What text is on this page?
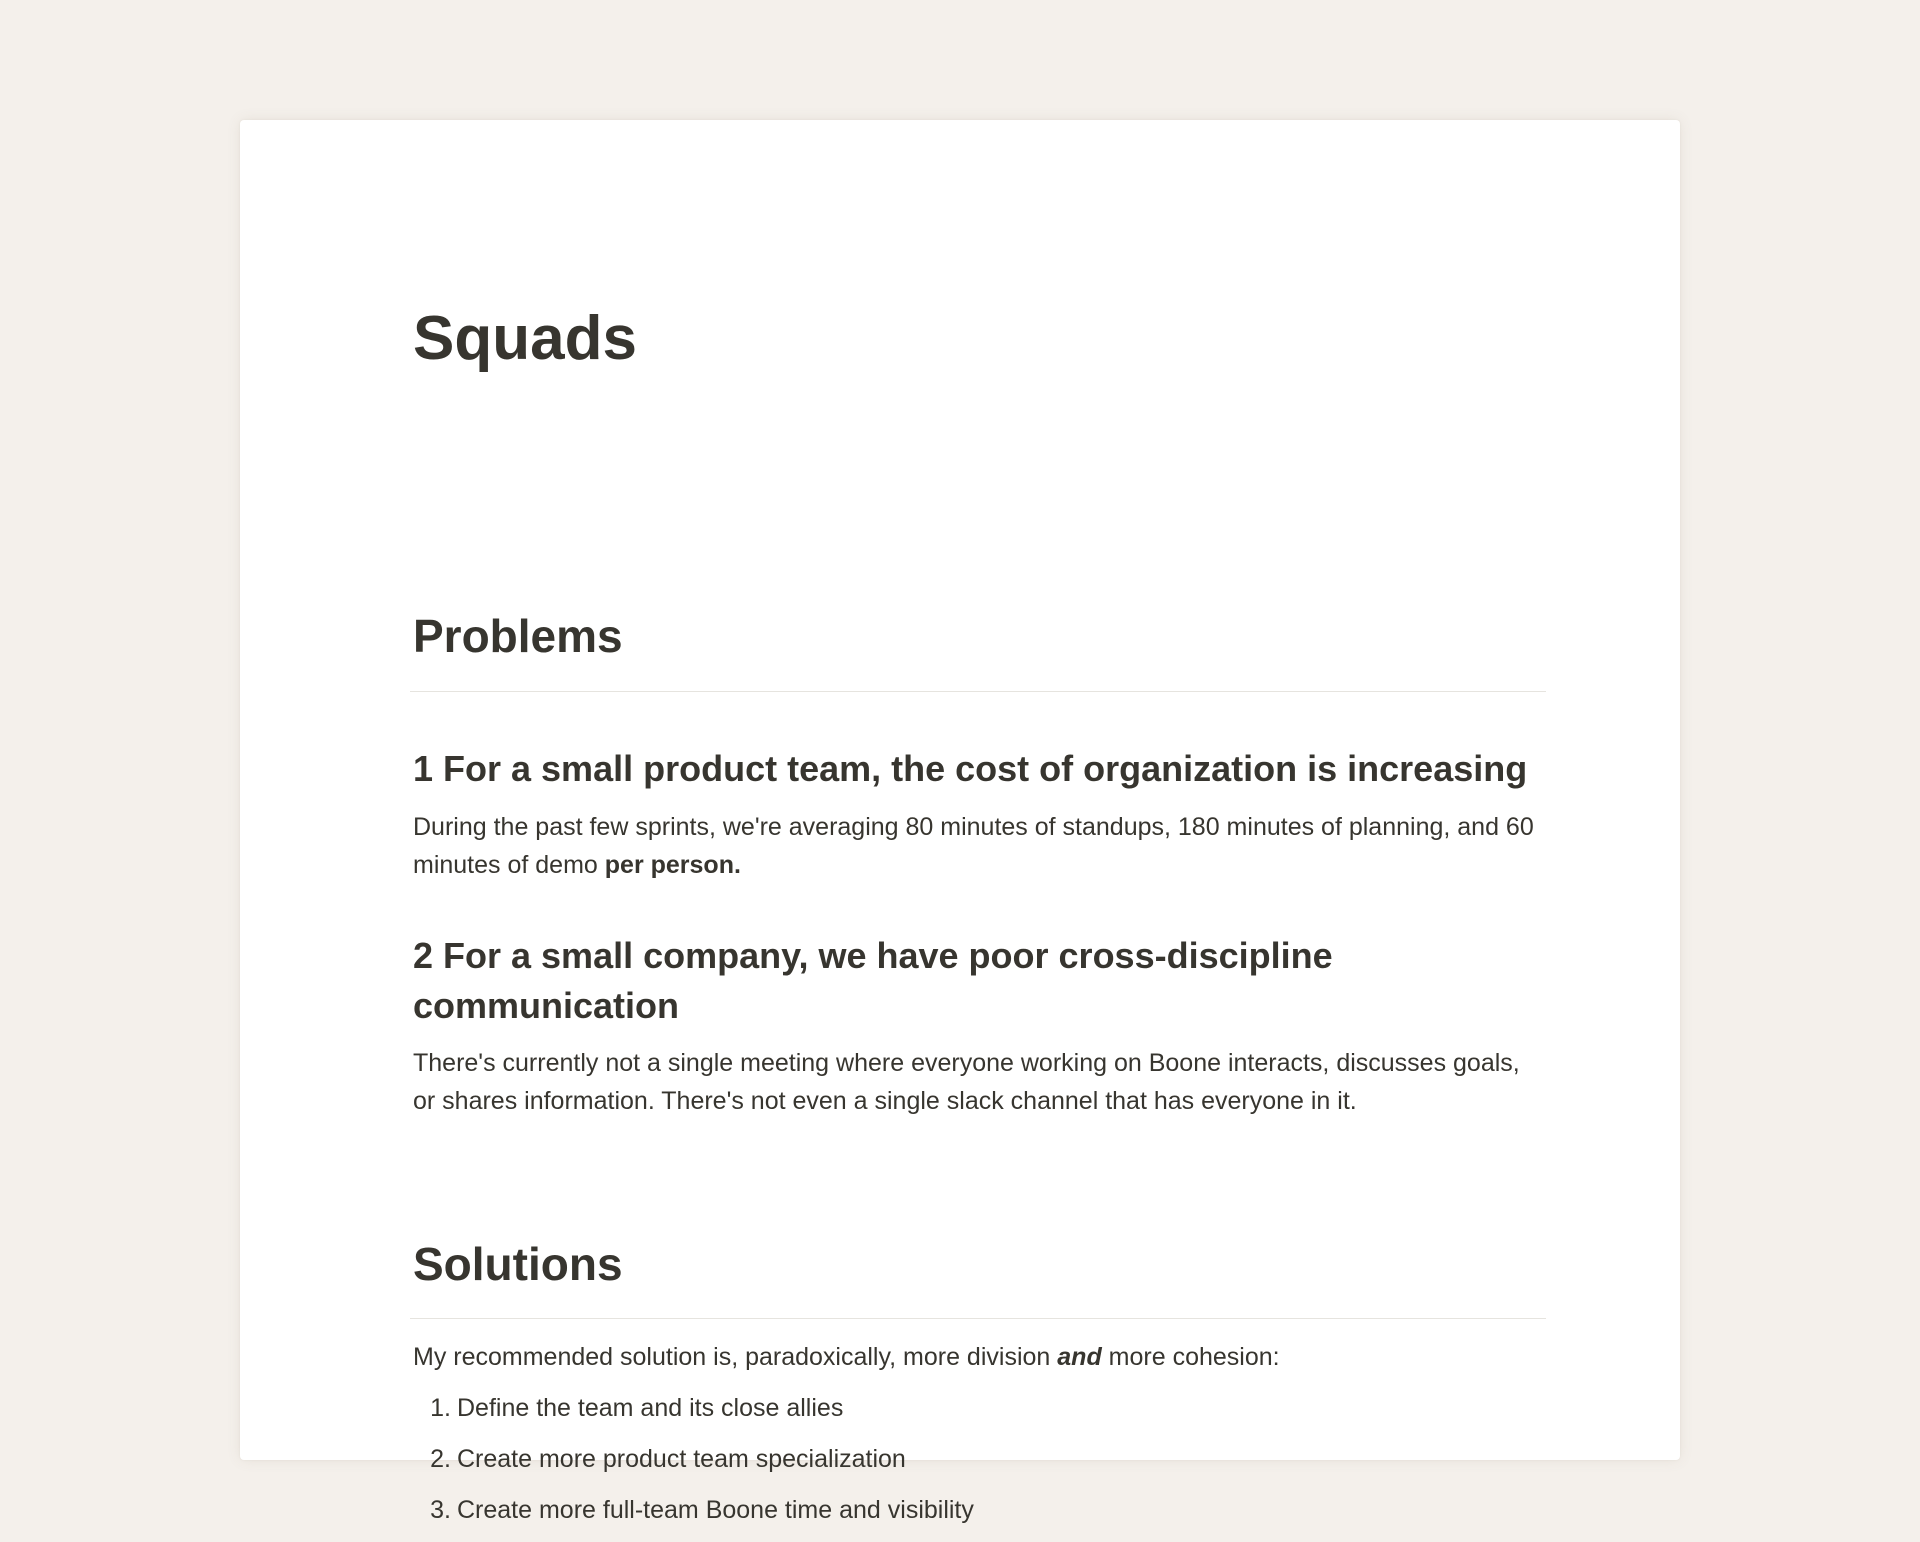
Squads
Problems
1 For a small product team, the cost of organization is increasing

During the past few sprints, we're averaging 80 minutes of standups, 180 minutes of planning, and 60 minutes of demo per person.

2 For a small company, we have poor cross-discipline
communication

There's currently not a single meeting where everyone working on Boone interacts, discusses goals, or shares information. There's not even a single slack channel that has everyone in it.

Solutions

My recommended solution is, paradoxically, more division and more cohesion:

1. Define the team and its close allies
2. Create more product team specialization
3. Create more full-team Boone time and visibility
